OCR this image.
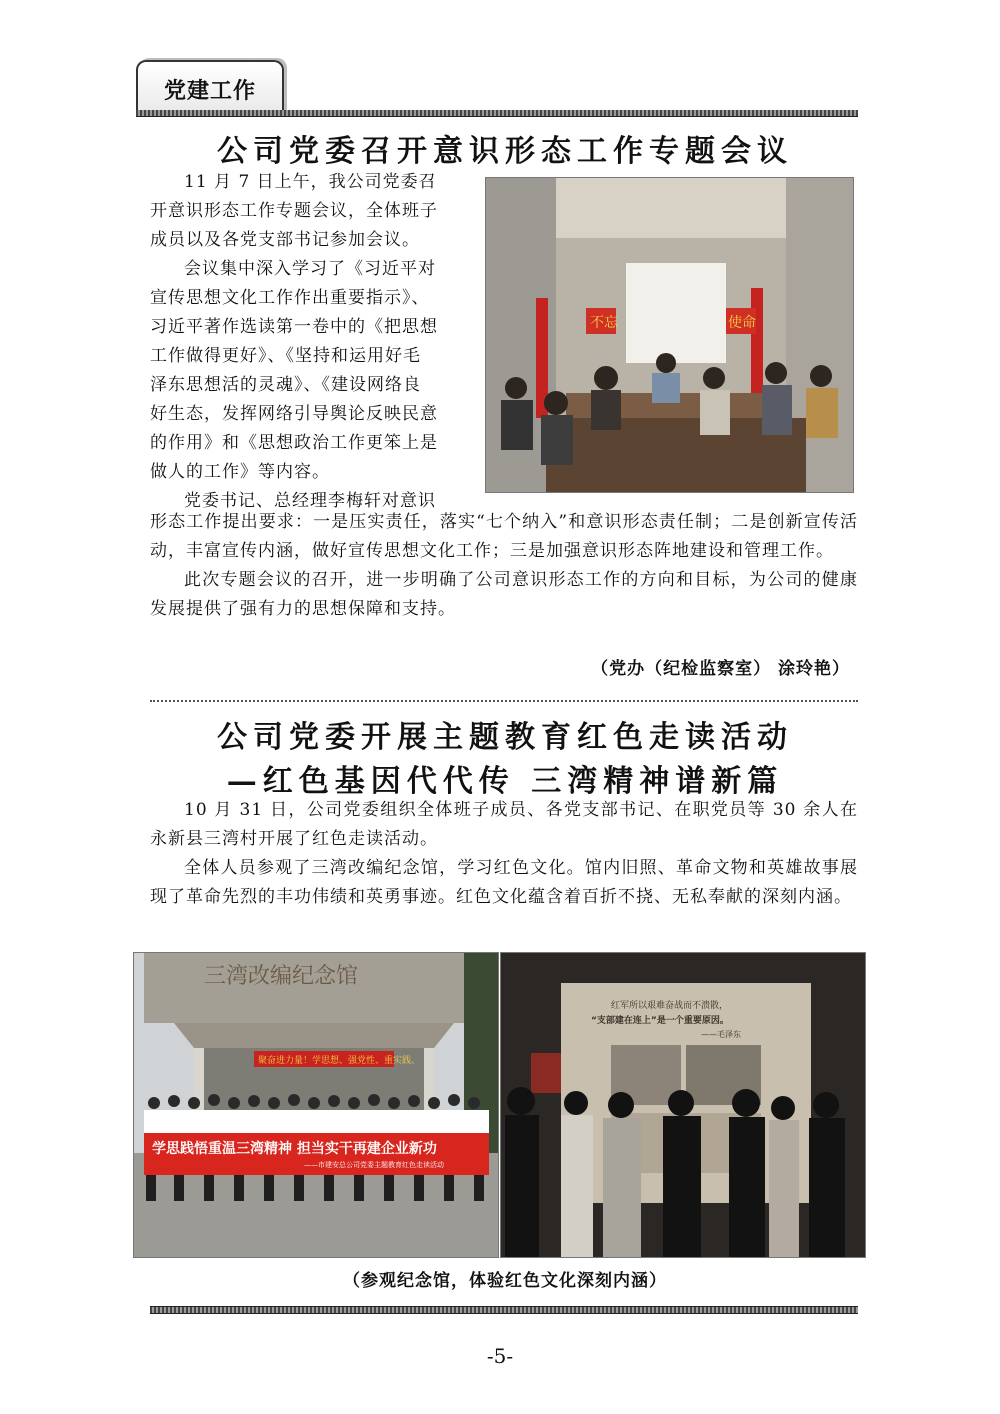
党建工作
公司党委召开意识形态工作专题会议

11 月 7 日上午，我公司党委召
开意识形态工作专题会议，全体班子
成员以及各党支部书记参加会议。

会议集中深入学习了《习近平对
宣传思想文化工作作出重要指示》、
习近平著作选读第一卷中的《把思想
工作做得更好》、《坚持和运用好毛
泽东思想活的灵魂》、《建设网络良
好生态，发挥网络引导舆论反映民意
的作用》和《思想政治工作更笨上是
做人的工作》等内容。

党委书记、总经理李梅轩对意识

不忘	使命

形态工作提出要求：一是压实责任，落实“七个纳入”和意识形态责任制；二是创新宣传活动，丰富宣传内涵，做好宣传思想文化工作；三是加强意识形态阵地建设和管理工作。

此次专题会议的召开，进一步明确了公司意识形态工作的方向和目标，为公司的健康发展提供了强有力的思想保障和支持。

（党办（纪检监察室） 涂玲艳）
公司党委开展主题教育红色走读活动
—红色基因代代传 三湾精神谱新篇

10 月 31 日，公司党委组织全体班子成员、各党支部书记、在职党员等 30 余人在永新县三湾村开展了红色走读活动。

全体人员参观了三湾改编纪念馆，学习红色文化。馆内旧照、革命文物和英雄故事展现了革命先烈的丰功伟绩和英勇事迹。红色文化蕴含着百折不挠、无私奉献的深刻内涵。

三湾改编纪念馆
聚奋进力量！学思想、强党性、重实践、
学思践悟重温三湾精神 担当实干再建企业新功
——市建安总公司党委主题教育红色走读活动
红军所以艰难奋战而不溃散，
“支部建在连上”是一个重要原因。
——毛泽东
（参观纪念馆，体验红色文化深刻内涵）
-5-
